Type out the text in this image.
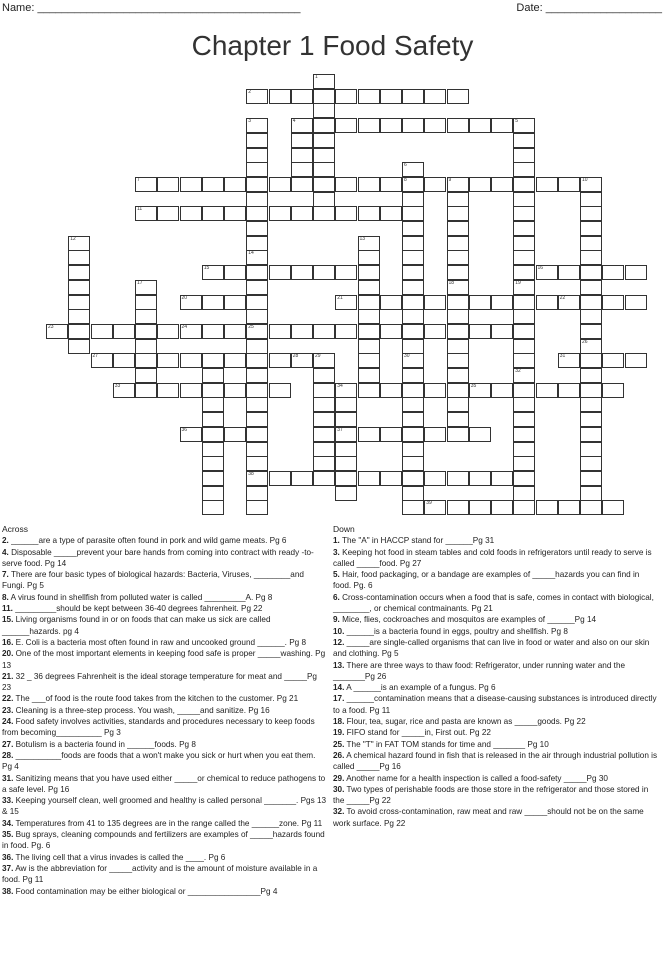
Name: ___________________________________________	Date: ___________________
Chapter 1 Food Safety
3
14
4
1
5
19
6
8
30
9
18
10
26
12	13
25
38
17
32
29
34
37
2
7
11
15	16
20	21	22
23	24
27	28	31
33	35
36
39
Across
2. ______are a type of parasite often found in pork and wild game meats. Pg 6
4. Disposable _____prevent your bare hands from coming into contract with ready -to-serve food. Pg 14
7. There are four basic types of biological hazards: Bacteria, Viruses, ________and Fungi. Pg 5
8. A virus found in shellfish from polluted water is called _________A. Pg 8
11. _________should be kept between 36-40 degrees fahrenheit. Pg 22
15. Living organisms found in or on foods that can make us sick are called ______hazards. pg 4
16. E. Coli is a bacteria most often found in raw and uncooked ground ______. Pg 8
20. One of the most important elements in keeping food safe is proper _____washing. Pg 13
21. 32 _ 36 degrees Fahrenheit is the ideal storage temperature for meat and _____Pg 23
22. The ___of food is the route food takes from the kitchen to the customer. Pg 21
23. Cleaning is a three-step process. You wash, _____and sanitize. Pg 16
24. Food safety involves activities, standards and procedures necessary to keep foods from becoming__________ Pg 3
27. Botulism is a bacteria found in ______foods. Pg 8
28. __________foods are foods that a won't make you sick or hurt when you eat them. Pg 4
31. Sanitizing means that you have used either _____or chemical to reduce pathogens to a safe level. Pg 16
33. Keeping yourself clean, well groomed and healthy is called personal _______. Pgs 13 & 15
34. Temperatures from 41 to 135 degrees are in the range called the ______zone. Pg 11
35. Bug sprays, cleaning compounds and fertilizers are examples of _____hazards found in food. Pg. 6
36. The living cell that a virus invades is called the ____. Pg 6
37. Aw is the abbreviation for _____activity and is the amount of moisture available in a food. Pg 11
38. Food contamination may be either biological or ________________Pg 4
Down
1. The "A" in HACCP stand for ______Pg 31
3. Keeping hot food in steam tables and cold foods in refrigerators until ready to serve is called _____food. Pg 27
5. Hair, food packaging, or a bandage are examples of _____hazards you can find in food. Pg. 6
6. Cross-contamination occurs when a food that is safe, comes in contact with biological, ________, or chemical contmainants. Pg 21
9. Mice, flies, cockroaches and mosquitos are examples of ______Pg 14
10. ______is a bacteria found in eggs, poultry and shellfish. Pg 8
12. _____are single-called organisms that can live in food or water and also on our skin and clothing. Pg 5
13. There are three ways to thaw food: Refrigerator, under running water and the _______Pg 26
14. A ______is an example of a fungus. Pg 6
17. ______contamination means that a disease-causing substances is introduced directly to a food. Pg 11
18. Flour, tea, sugar, rice and pasta are known as _____goods. Pg 22
19. FIFO stand for _____in, First out. Pg 22
25. The "T" in FAT TOM stands for time and _______ Pg 10
26. A chemical hazard found in fish that is released in the air through industrial pollution is called _____Pg 16
29. Another name for a health inspection is called a food-safety _____Pg 30
30. Two types of perishable foods are those store in the refrigerator and those stored in the _____Pg 22
32. To avoid cross-contamination, raw meat and raw _____should not be on the same work surface. Pg 22
